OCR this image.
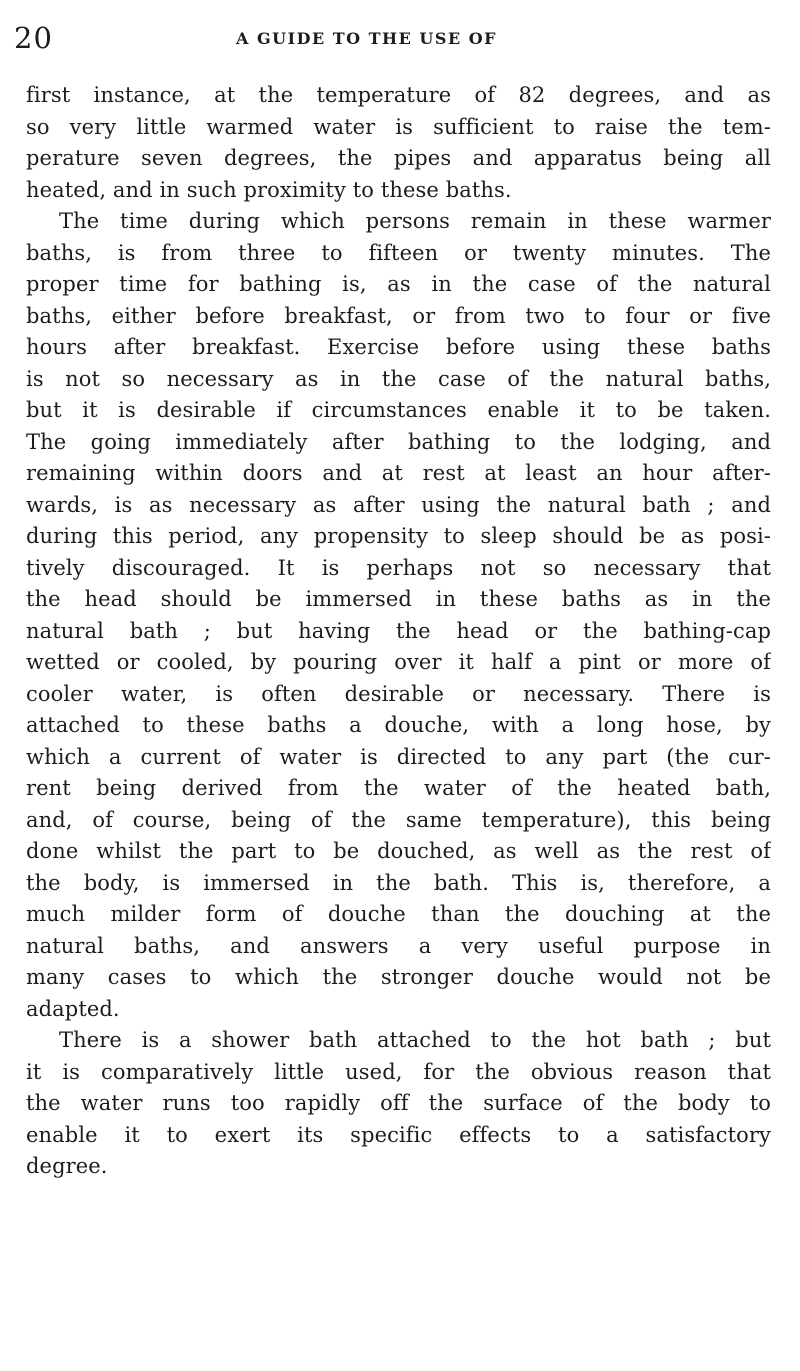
20	A GUIDE TO THE USE OF
first instance, at the temperature of 82 degrees, and as
so very little warmed water is sufficient to raise the tem-
perature seven degrees, the pipes and apparatus being all
heated, and in such proximity to these baths.
The time during which persons remain in these warmer
baths, is from three to fifteen or twenty minutes. The
proper time for bathing is, as in the case of the natural
baths, either before breakfast, or from two to four or five
hours after breakfast. Exercise before using these baths
is not so necessary as in the case of the natural baths,
but it is desirable if circumstances enable it to be taken.
The going immediately after bathing to the lodging, and
remaining within doors and at rest at least an hour after-
wards, is as necessary as after using the natural bath ; and
during this period, any propensity to sleep should be as posi-
tively discouraged. It is perhaps not so necessary that
the head should be immersed in these baths as in the
natural bath ; but having the head or the bathing-cap
wetted or cooled, by pouring over it half a pint or more of
cooler water, is often desirable or necessary. There is
attached to these baths a douche, with a long hose, by
which a current of water is directed to any part (the cur-
rent being derived from the water of the heated bath,
and, of course, being of the same temperature), this being
done whilst the part to be douched, as well as the rest of
the body, is immersed in the bath. This is, therefore, a
much milder form of douche than the douching at the
natural baths, and answers a very useful purpose in
many cases to which the stronger douche would not be
adapted.
There is a shower bath attached to the hot bath ; but
it is comparatively little used, for the obvious reason that
the water runs too rapidly off the surface of the body to
enable it to exert its specific effects to a satisfactory
degree.
